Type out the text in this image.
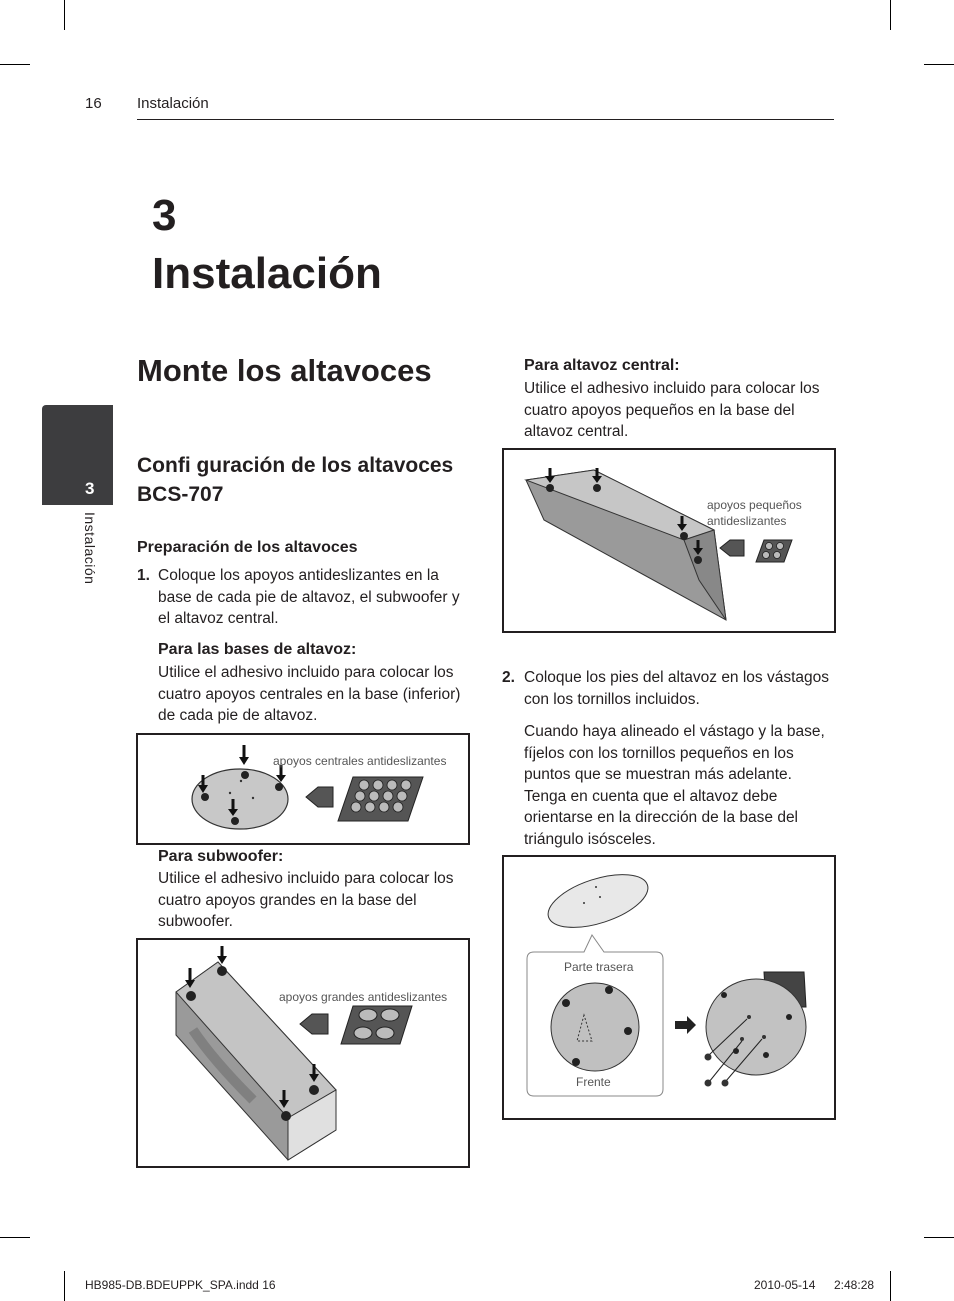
16 Instalación
3
Instalación
3
Instalación
Monte los altavoces
Confi guración de los altavoces BCS-707
Preparación de los altavoces
1. Coloque los apoyos antideslizantes en la base de cada pie de altavoz, el subwoofer y el altavoz central.
Para las bases de altavoz:
Utilice el adhesivo incluido para colocar los cuatro apoyos centrales en la base (inferior) de cada pie de altavoz.
apoyos centrales antideslizantes
Para subwoofer:
Utilice el adhesivo incluido para colocar los cuatro apoyos grandes en la base del subwoofer.
apoyos grandes antideslizantes
Para altavoz central:
Utilice el adhesivo incluido para colocar los cuatro apoyos pequeños en la base del altavoz central.
apoyos pequeños
antideslizantes
2. Coloque los pies del altavoz en los vástagos con los tornillos incluidos.
Cuando haya alineado el vástago y la base, fíjelos con los tornillos pequeños en los puntos que se muestran más adelante. Tenga en cuenta que el altavoz debe orientarse en la dirección de la base del triángulo isósceles.
Parte trasera
Frente
HB985-DB.BDEUPPK_SPA.indd 16	2010-05-14 2:48:28
